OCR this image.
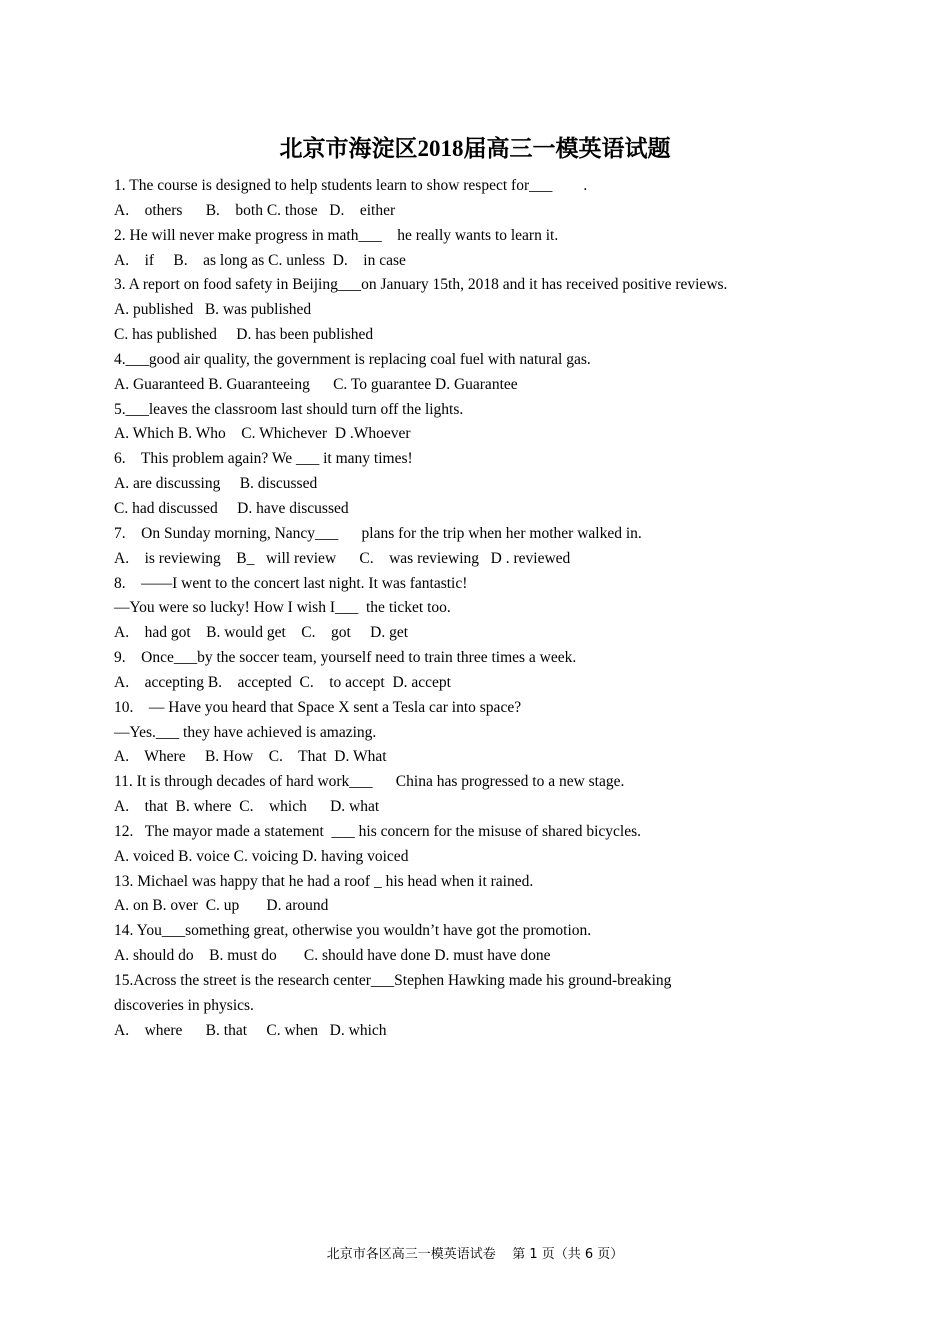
北京市海淀区2018届高三一模英语试题
1. The course is designed to help students learn to show respect for___        .
A.    others      B.    both C. those   D.    either
2. He will never make progress in math___    he really wants to learn it.
A.    if     B.    as long as C. unless  D.    in case
3. A report on food safety in Beijing___on January 15th, 2018 and it has received positive reviews.
A. published   B. was published
C. has published     D. has been published
4.___good air quality, the government is replacing coal fuel with natural gas.
A. Guaranteed B. Guaranteeing      C. To guarantee D. Guarantee
5.___leaves the classroom last should turn off the lights.
A. Which B. Who    C. Whichever  D .Whoever
6.    This problem again? We ___ it many times!
A. are discussing     B. discussed
C. had discussed     D. have discussed
7.    On Sunday morning, Nancy___      plans for the trip when her mother walked in.
A.    is reviewing    B_   will review      C.    was reviewing   D . reviewed
8.    ——I went to the concert last night. It was fantastic!
—You were so lucky! How I wish I___  the ticket too.
A.    had got    B. would get    C.    got     D. get
9.    Once___by the soccer team, yourself need to train three times a week.
A.    accepting B.    accepted  C.    to accept  D. accept
10.    — Have you heard that Space X sent a Tesla car into space?
—Yes.___ they have achieved is amazing.
A.    Where     B. How    C.    That  D. What
11. It is through decades of hard work___      China has progressed to a new stage.
A.    that  B. where  C.    which      D. what
12.   The mayor made a statement  ___ his concern for the misuse of shared bicycles.
A. voiced B. voice C. voicing D. having voiced
13. Michael was happy that he had a roof _ his head when it rained.
A. on B. over  C. up       D. around
14. You___something great, otherwise you wouldn’t have got the promotion.
A. should do    B. must do       C. should have done D. must have done
15.Across the street is the research center___Stephen Hawking made his ground-breaking
discoveries in physics.
A.    where      B. that     C. when   D. which
北京市各区高三一模英语试卷    第 1 页（共 6 页）
